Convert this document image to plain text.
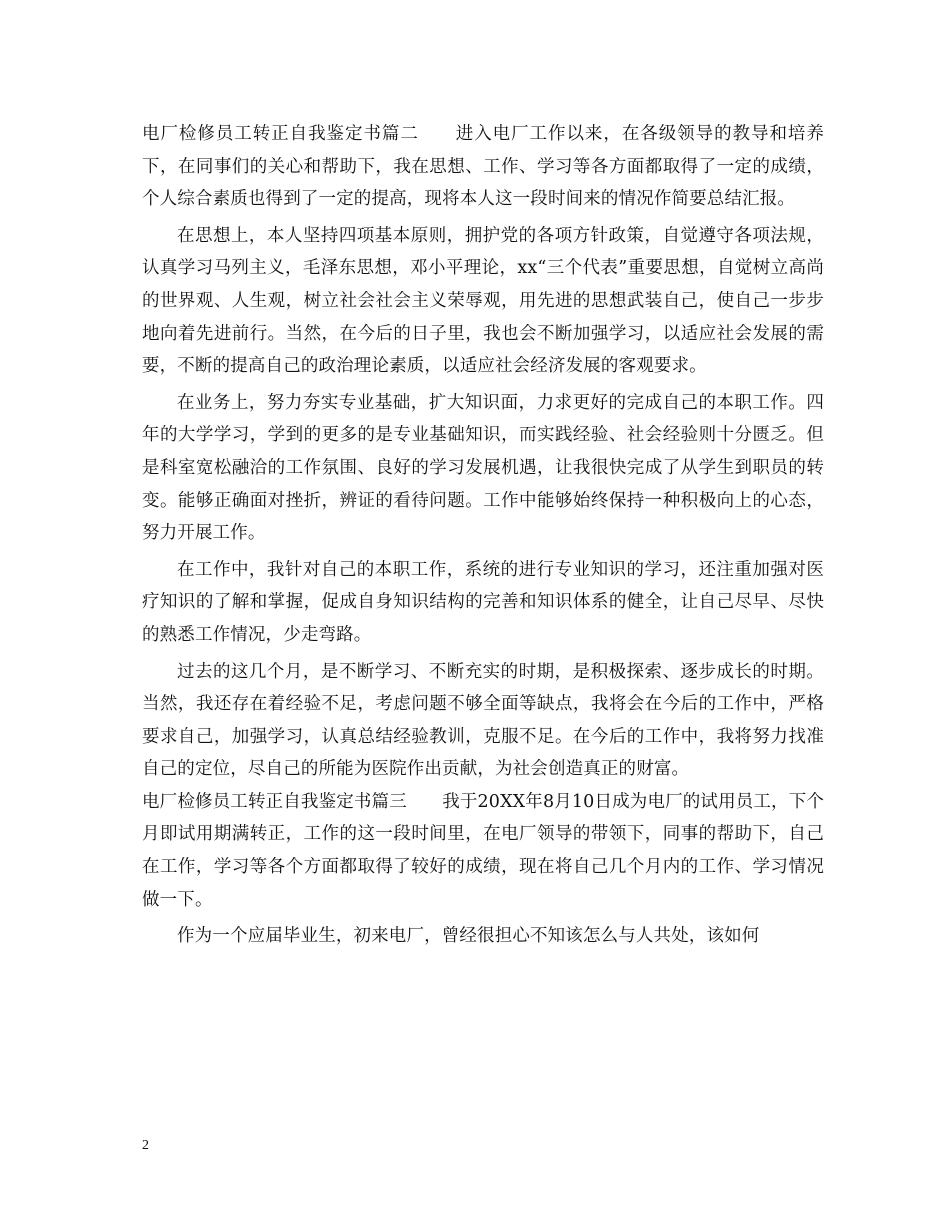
电厂检修员工转正自我鉴定书篇二　　 进入电厂工作以来，在各级领导的教导和培养下，在同事们的关心和帮助下，我在思想、工作、学习等各方面都取得了一定的成绩，个人综合素质也得到了一定的提高，现将本人这一段时间来的情况作简要总结汇报。

在思想上，本人坚持四项基本原则，拥护党的各项方针政策，自觉遵守各项法规，认真学习马列主义，毛泽东思想，邓小平理论，xx“三个代表”重要思想，自觉树立高尚的世界观、人生观，树立社会社会主义荣辱观，用先进的思想武装自己，使自己一步步地向着先进前行。当然，在今后的日子里，我也会不断加强学习，以适应社会发展的需要，不断的提高自己的政治理论素质，以适应社会经济发展的客观要求。

在业务上，努力夯实专业基础，扩大知识面，力求更好的完成自己的本职工作。四年的大学学习，学到的更多的是专业基础知识，而实践经验、社会经验则十分匮乏。但是科室宽松融洽的工作氛围、良好的学习发展机遇，让我很快完成了从学生到职员的转变。能够正确面对挫折，辨证的看待问题。工作中能够始终保持一种积极向上的心态，努力开展工作。

在工作中，我针对自己的本职工作，系统的进行专业知识的学习，还注重加强对医疗知识的了解和掌握，促成自身知识结构的完善和知识体系的健全，让自己尽早、尽快的熟悉工作情况，少走弯路。

过去的这几个月，是不断学习、不断充实的时期，是积极探索、逐步成长的时期。当然，我还存在着经验不足，考虑问题不够全面等缺点，我将会在今后的工作中，严格要求自己，加强学习，认真总结经验教训，克服不足。在今后的工作中，我将努力找准自己的定位，尽自己的所能为医院作出贡献，为社会创造真正的财富。

电厂检修员工转正自我鉴定书篇三　　 我于20XX年8月10日成为电厂的试用员工，下个月即试用期满转正，工作的这一段时间里，在电厂领导的带领下，同事的帮助下，自己在工作，学习等各个方面都取得了较好的成绩，现在将自己几个月内的工作、学习情况做一下。

作为一个应届毕业生，初来电厂，曾经很担心不知该怎么与人共处，该如何

2
